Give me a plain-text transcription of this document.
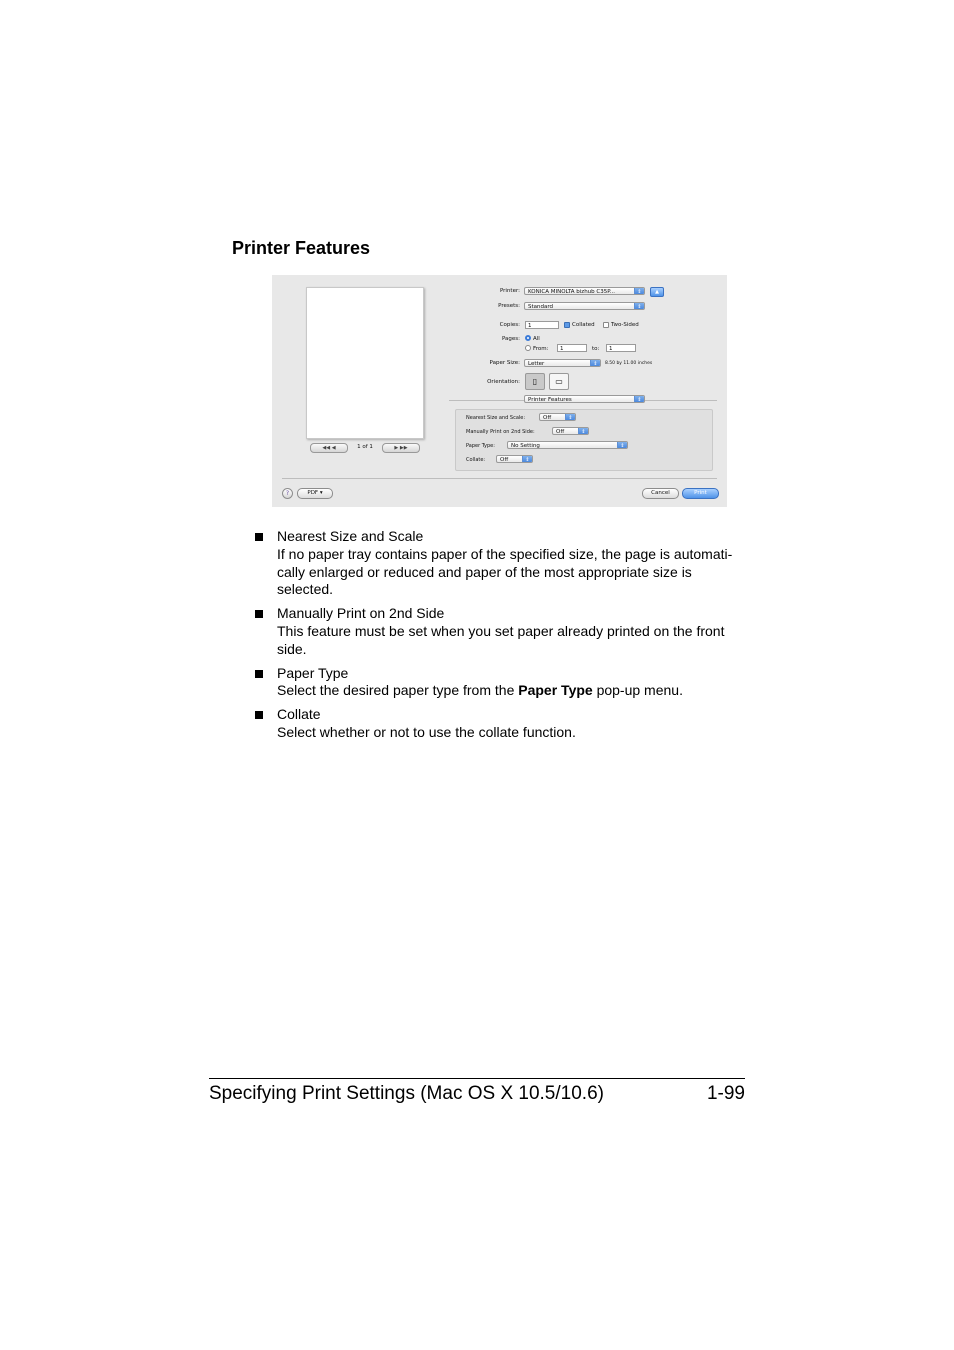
Printer Features
◀◀ ◀	1 of 1	▶ ▶▶
Printer:	KONICA MINOLTA bizhub C35P...	⇕	▲
Presets:	Standard	⇕
Copies:	1	Collated	Two-Sided
Pages: All
From:	1	to:	1
Paper Size:	Letter	⇕	8.50 by 11.00 inches
Orientation:	▯	▭
Printer Features	⇕
Nearest Size and Scale:	Off	⇕
Manually Print on 2nd Side:	Off	⇕
Paper Type:	No Setting	⇕
Collate:	Off	⇕
?	PDF ▾	Cancel	Print
Nearest Size and Scale
If no paper tray contains paper of the specified size, the page is automati-cally enlarged or reduced and paper of the most appropriate size is selected.
Manually Print on 2nd Side
This feature must be set when you set paper already printed on the front side.
Paper Type
Select the desired paper type from the Paper Type pop-up menu.
Collate
Select whether or not to use the collate function.
Specifying Print Settings (Mac OS X 10.5/10.6)	1-99
